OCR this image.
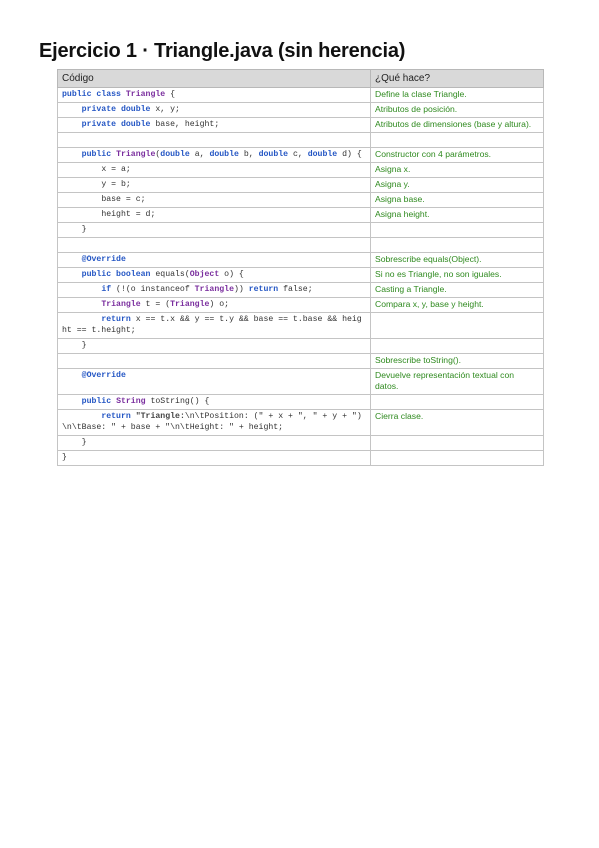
Ejercicio 1 · Triangle.java (sin herencia)
Código	¿Qué hace?
public class Triangle {	Define la clase Triangle.
private double x, y;	Atributos de posición.
private double base, height;	Atributos de dimensiones (base y altura).

public Triangle(double a, double b, double c, double d) {	Constructor con 4 parámetros.
x = a;	Asigna x.
y = b;	Asigna y.
base = c;	Asigna base.
height = d;	Asigna height.
}	

@Override	Sobrescribe equals(Object).
public boolean equals(Object o) {	Si no es Triangle, no son iguales.
if (!(o instanceof Triangle)) return false;	Casting a Triangle.
Triangle t = (Triangle) o;	Compara x, y, base y height.
return x == t.x && y == t.y && base == t.base && height == t.height;	
}	
	Sobrescribe toString().
@Override	Devuelve representación textual con datos.
public String toString() {	
return "Triangle:\n\tPosition: (" + x + ", " + y + ")\n\tBase: " + base + "\n\tHeight: " + height;	Cierra clase.
}	
}	
